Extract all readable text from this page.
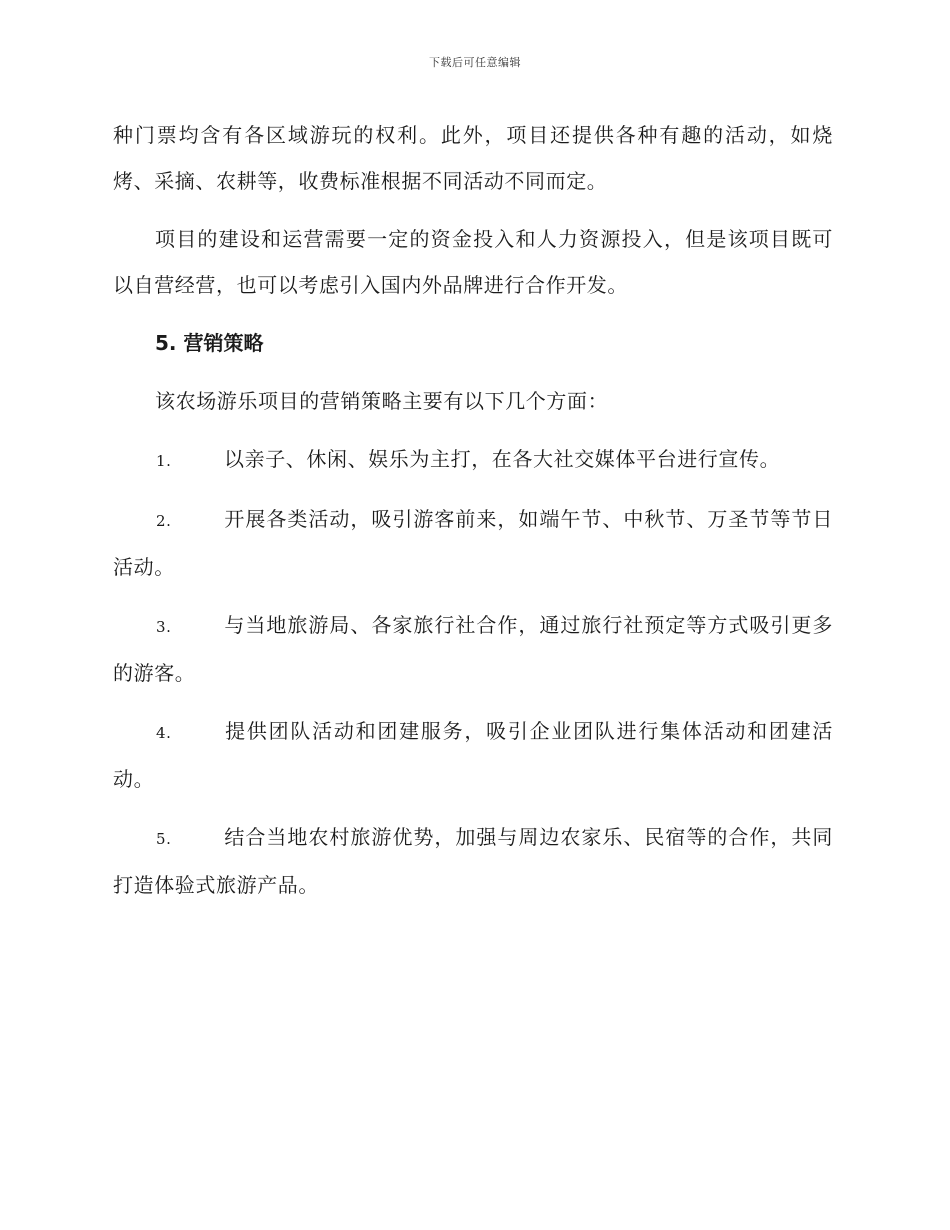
下载后可任意编辑

种门票均含有各区域游玩的权利。此外，项目还提供各种有趣的活动，如烧烤、采摘、农耕等，收费标准根据不同活动不同而定。

项目的建设和运营需要一定的资金投入和人力资源投入，但是该项目既可以自营经营，也可以考虑引入国内外品牌进行合作开发。

5. 营销策略

该农场游乐项目的营销策略主要有以下几个方面：

1.	以亲子、休闲、娱乐为主打，在各大社交媒体平台进行宣传。
2.	开展各类活动，吸引游客前来，如端午节、中秋节、万圣节等节日活动。
3.	与当地旅游局、各家旅行社合作，通过旅行社预定等方式吸引更多的游客。
4.	提供团队活动和团建服务，吸引企业团队进行集体活动和团建活动。
5.	结合当地农村旅游优势，加强与周边农家乐、民宿等的合作，共同打造体验式旅游产品。
